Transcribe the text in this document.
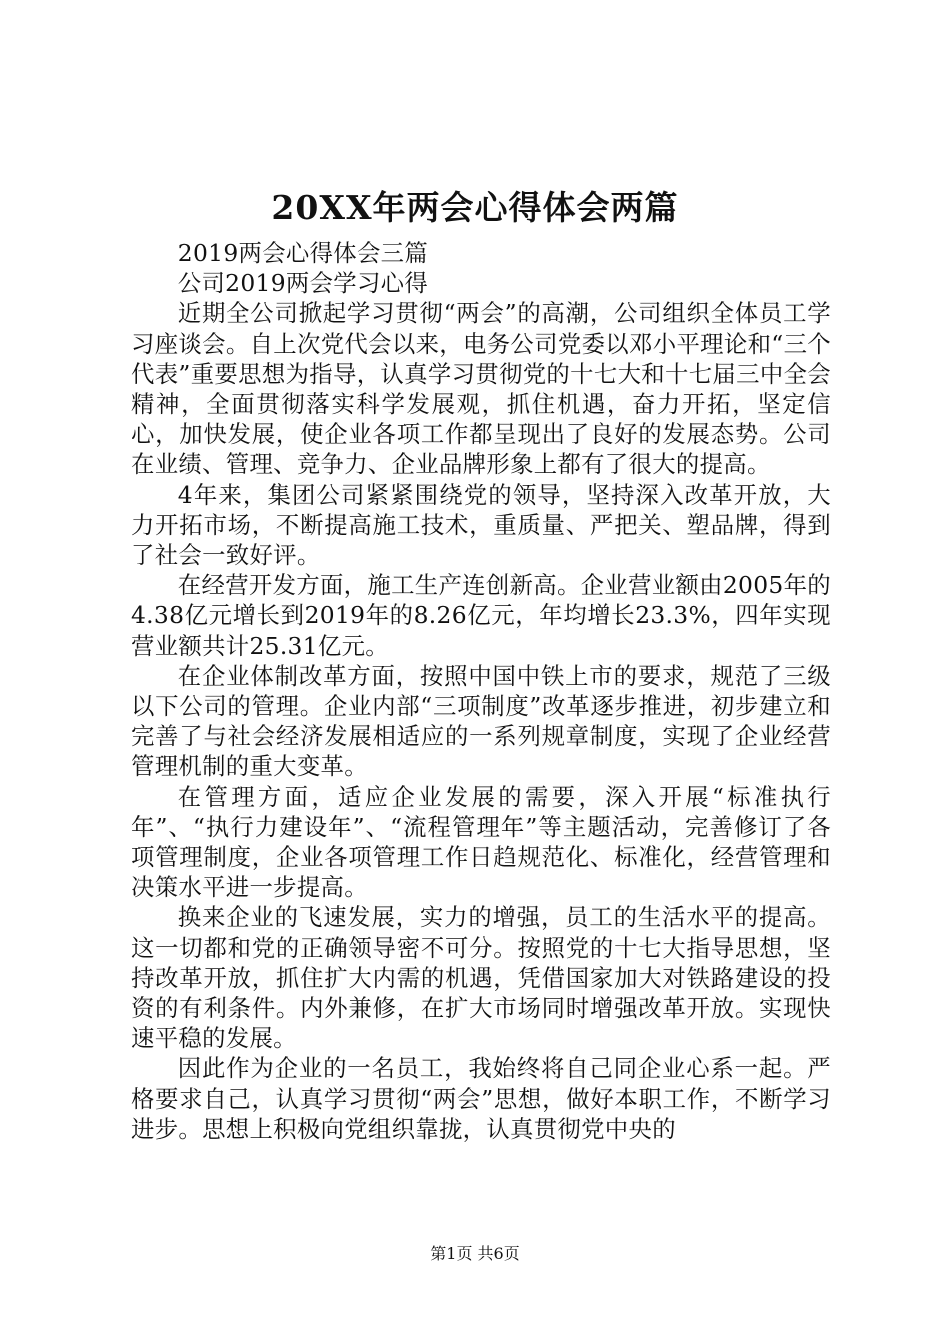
20XX年两会心得体会两篇

2019两会心得体会三篇

公司2019两会学习心得

近期全公司掀起学习贯彻“两会”的高潮，公司组织全体员工学习座谈会。自上次党代会以来，电务公司党委以邓小平理论和“三个代表”重要思想为指导，认真学习贯彻党的十七大和十七届三中全会精神，全面贯彻落实科学发展观，抓住机遇，奋力开拓，坚定信心，加快发展，使企业各项工作都呈现出了良好的发展态势。公司在业绩、管理、竞争力、企业品牌形象上都有了很大的提高。

4年来，集团公司紧紧围绕党的领导，坚持深入改革开放，大力开拓市场，不断提高施工技术，重质量、严把关、塑品牌，得到了社会一致好评。

在经营开发方面，施工生产连创新高。企业营业额由2005年的4.38亿元增长到2019年的8.26亿元，年均增长23.3%，四年实现营业额共计25.31亿元。

在企业体制改革方面，按照中国中铁上市的要求，规范了三级以下公司的管理。企业内部“三项制度”改革逐步推进，初步建立和完善了与社会经济发展相适应的一系列规章制度，实现了企业经营管理机制的重大变革。

在管理方面，适应企业发展的需要，深入开展“标准执行年”、“执行力建设年”、“流程管理年”等主题活动，完善修订了各项管理制度，企业各项管理工作日趋规范化、标准化，经营管理和决策水平进一步提高。

换来企业的飞速发展，实力的增强，员工的生活水平的提高。这一切都和党的正确领导密不可分。按照党的十七大指导思想，坚持改革开放，抓住扩大内需的机遇，凭借国家加大对铁路建设的投资的有利条件。内外兼修，在扩大市场同时增强改革开放。实现快速平稳的发展。

因此作为企业的一名员工，我始终将自己同企业心系一起。严格要求自己，认真学习贯彻“两会”思想，做好本职工作，不断学习进步。思想上积极向党组织靠拢，认真贯彻党中央的

第1页 共6页
